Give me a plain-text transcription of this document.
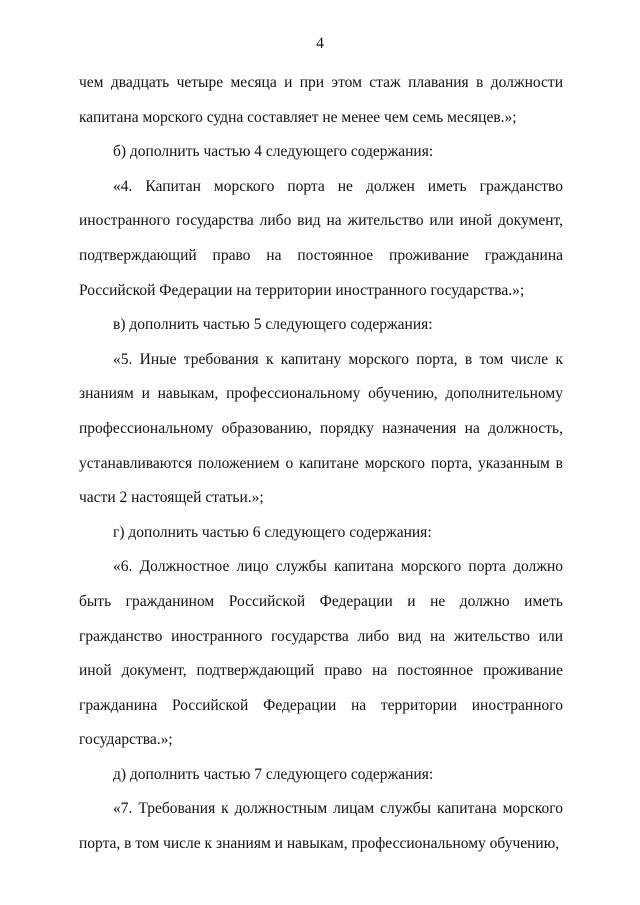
4

чем двадцать четыре месяца и при этом стаж плавания в должности капитана морского судна составляет не менее чем семь месяцев.»;

б) дополнить частью 4 следующего содержания:

«4. Капитан морского порта не должен иметь гражданство иностранного государства либо вид на жительство или иной документ, подтверждающий право на постоянное проживание гражданина Российской Федерации на территории иностранного государства.»;

в) дополнить частью 5 следующего содержания:

«5. Иные требования к капитану морского порта, в том числе к знаниям и навыкам, профессиональному обучению, дополнительному профессиональному образованию, порядку назначения на должность, устанавливаются положением о капитане морского порта, указанным в части 2 настоящей статьи.»;

г) дополнить частью 6 следующего содержания:

«6. Должностное лицо службы капитана морского порта должно быть гражданином Российской Федерации и не должно иметь гражданство иностранного государства либо вид на жительство или иной документ, подтверждающий право на постоянное проживание гражданина Российской Федерации на территории иностранного государства.»;

д) дополнить частью 7 следующего содержания:

«7. Требования к должностным лицам службы капитана морского порта, в том числе к знаниям и навыкам, профессиональному обучению,
